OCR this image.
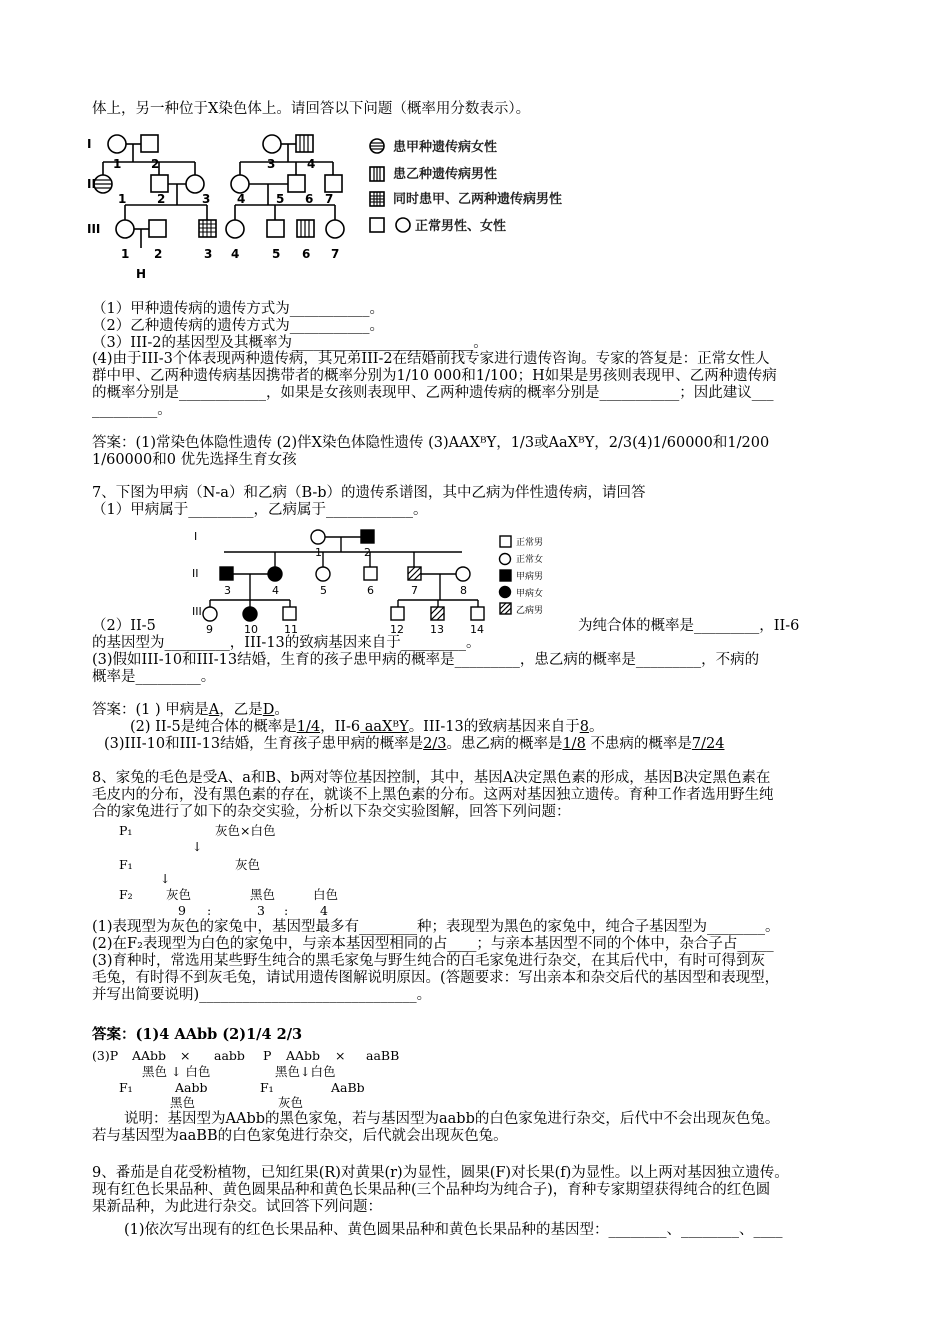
体上，另一种位于X染色体上。请回答以下问题（概率用分数表示）。
I
II
III
1 2	3	4
1	2	3 4	5 6 7
1 2	3 4	5 6 7
H
患甲种遗传病女性
患乙种遗传病男性
同时患甲、乙两种遗传病男性
正常男性、女性
（1）甲种遗传病的遗传方式为___________。
（2）乙种遗传病的遗传方式为___________。
（3）III-2的基因型及其概率为_________________________。
(4)由于III-3个体表现两种遗传病，其兄弟III-2在结婚前找专家进行遗传咨询。专家的答复是：正常女性人
群中甲、乙两种遗传病基因携带者的概率分别为1/10 000和1/100；H如果是男孩则表现甲、乙两种遗传病
的概率分别是____________，如果是女孩则表现甲、乙两种遗传病的概率分别是___________；因此建议___
_________。
答案：(1)常染色体隐性遗传 (2)伴X染色体隐性遗传 (3)AAXᴮY，1/3或AaXᴮY，2/3(4)1/60000和1/200
1/60000和0 优先选择生育女孩
7、下图为甲病（N-a）和乙病（B-b）的遗传系谱图，其中乙病为伴性遗传病，请回答
（1）甲病属于_________，乙病属于____________。
I
II
III
1	2
3	4	5	6	7	8
9	10 11	12 13 14
正常男
正常女
甲病男
甲病女
乙病男
（2）II-5	为纯合体的概率是_________，II-6
的基因型为_________，III-13的致病基因来自于_________。
(3)假如III-10和III-13结婚，生育的孩子患甲病的概率是_________，患乙病的概率是_________，不病的
概率是_________。
答案：(1 ) 甲病是A，乙是D。
(2) II-5是纯合体的概率是1/4，II-6 aaXᴮY。III-13的致病基因来自于8。
(3)III-10和III-13结婚，生育孩子患甲病的概率是2/3。患乙病的概率是1/8 不患病的概率是7/24
8、家兔的毛色是受A、a和B、b两对等位基因控制，其中，基因A决定黑色素的形成，基因B决定黑色素在
毛皮内的分布，没有黑色素的存在，就谈不上黑色素的分布。这两对基因独立遗传。育种工作者选用野生纯
合的家兔进行了如下的杂交实验，分析以下杂交实验图解，回答下列问题：
P₁	灰色×白色
↓
F₁	灰色
↓
F₂	灰色	黑色	白色
9 :	3 :	4
(1)表现型为灰色的家兔中，基因型最多有________种；表现型为黑色的家兔中，纯合子基因型为________。
(2)在F₂表现型为白色的家兔中，与亲本基因型相同的占____；与亲本基因型不同的个体中，杂合子占_____
(3)育种时，常选用某些野生纯合的黑毛家兔与野生纯合的白毛家兔进行杂交，在其后代中，有时可得到灰
毛兔，有时得不到灰毛兔，请试用遗传图解说明原因。(答题要求：写出亲本和杂交后代的基因型和表现型，
并写出简要说明)______________________________。
答案：(1)4 AAbb (2)1/4 2/3
(3)P AAbb × aabb P AAbb × aaBB
黑色 ↓ 白色	黑色↓白色
F₁	Aabb	F₁	AaBb
黑色	灰色
说明：基因型为AAbb的黑色家兔，若与基因型为aabb的白色家兔进行杂交，后代中不会出现灰色兔。
若与基因型为aaBB的白色家兔进行杂交，后代就会出现灰色兔。
9、番茄是自花受粉植物，已知红果(R)对黄果(r)为显性，圆果(F)对长果(f)为显性。以上两对基因独立遗传。
现有红色长果品种、黄色圆果品种和黄色长果品种(三个品种均为纯合子)，育种专家期望获得纯合的红色圆
果新品种，为此进行杂交。试回答下列问题：
(1)依次写出现有的红色长果品种、黄色圆果品种和黄色长果品种的基因型：________、________、____
